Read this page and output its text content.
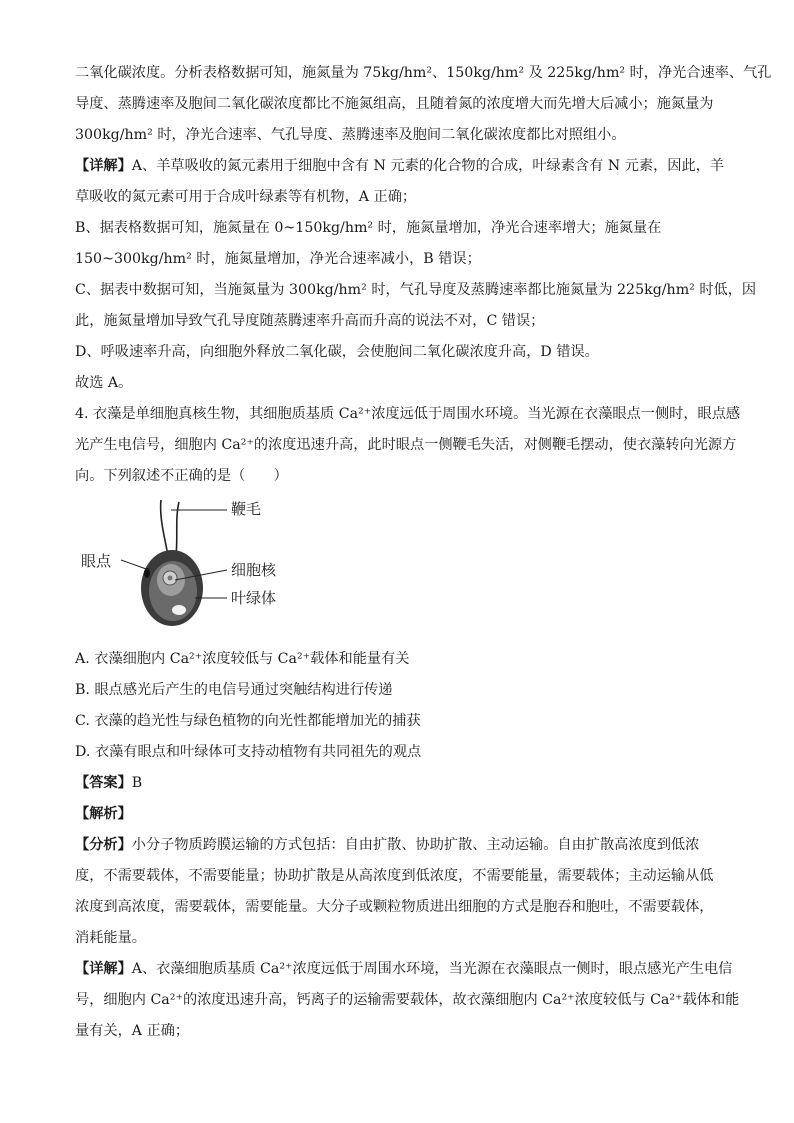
二氧化碳浓度。分析表格数据可知，施氮量为 75kg/hm²、150kg/hm² 及 225kg/hm² 时，净光合速率、气孔

导度、蒸腾速率及胞间二氧化碳浓度都比不施氮组高，且随着氮的浓度增大而先增大后减小；施氮量为

300kg/hm² 时，净光合速率、气孔导度、蒸腾速率及胞间二氧化碳浓度都比对照组小。

【详解】A、羊草吸收的氮元素用于细胞中含有 N 元素的化合物的合成，叶绿素含有 N 元素，因此，羊

草吸收的氮元素可用于合成叶绿素等有机物，A 正确；

B、据表格数据可知，施氮量在 0~150kg/hm² 时，施氮量增加，净光合速率增大；施氮量在

150~300kg/hm² 时，施氮量增加，净光合速率减小，B 错误；

C、据表中数据可知，当施氮量为 300kg/hm² 时，气孔导度及蒸腾速率都比施氮量为 225kg/hm² 时低，因

此，施氮量增加导致气孔导度随蒸腾速率升高而升高的说法不对，C 错误；

D、呼吸速率升高，向细胞外释放二氧化碳，会使胞间二氧化碳浓度升高，D 错误。

故选 A。

4. 衣藻是单细胞真核生物，其细胞质基质 Ca²⁺浓度远低于周围水环境。当光源在衣藻眼点一侧时，眼点感

光产生电信号，细胞内 Ca²⁺的浓度迅速升高，此时眼点一侧鞭毛失活，对侧鞭毛摆动，使衣藻转向光源方

向。下列叙述不正确的是（　　）

鞭毛
眼点	细胞核
叶绿体

A. 衣藻细胞内 Ca²⁺浓度较低与 Ca²⁺载体和能量有关

B. 眼点感光后产生的电信号通过突触结构进行传递

C. 衣藻的趋光性与绿色植物的向光性都能增加光的捕获

D. 衣藻有眼点和叶绿体可支持动植物有共同祖先的观点

【答案】B

【解析】

【分析】小分子物质跨膜运输的方式包括：自由扩散、协助扩散、主动运输。自由扩散高浓度到低浓

度，不需要载体，不需要能量；协助扩散是从高浓度到低浓度，不需要能量，需要载体；主动运输从低

浓度到高浓度，需要载体，需要能量。大分子或颗粒物质进出细胞的方式是胞吞和胞吐，不需要载体，

消耗能量。

【详解】A、衣藻细胞质基质 Ca²⁺浓度远低于周围水环境，当光源在衣藻眼点一侧时，眼点感光产生电信

号，细胞内 Ca²⁺的浓度迅速升高，钙离子的运输需要载体，故衣藻细胞内 Ca²⁺浓度较低与 Ca²⁺载体和能

量有关，A 正确；
